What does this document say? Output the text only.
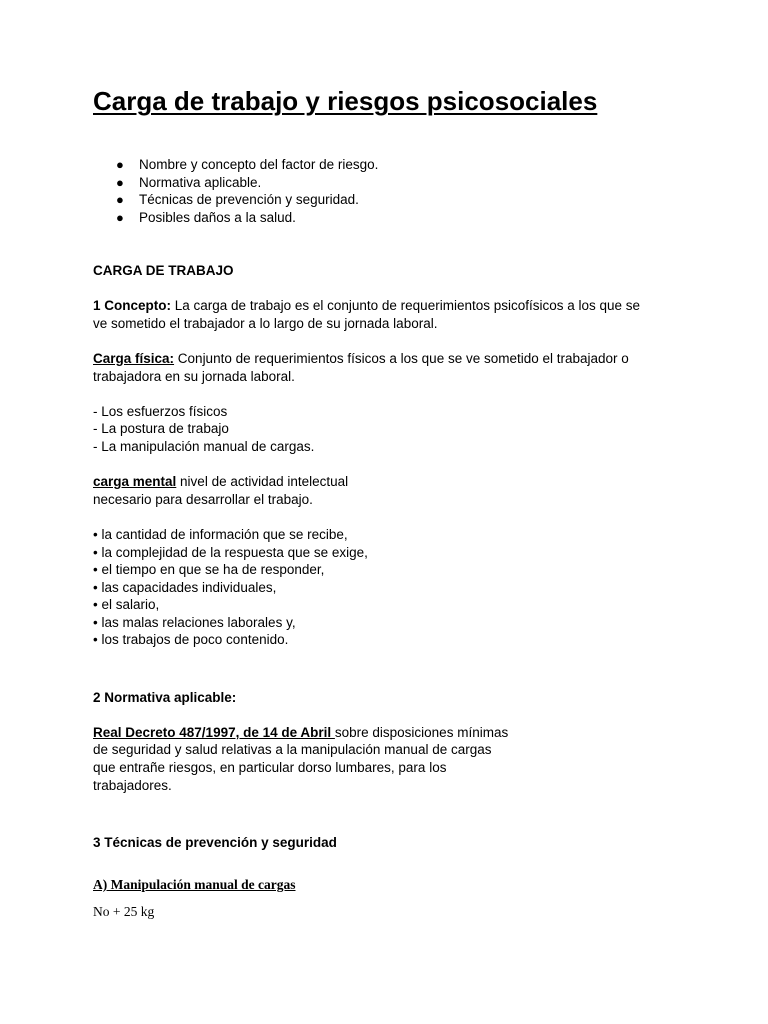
Carga de trabajo y riesgos psicosociales
● Nombre y concepto del factor de riesgo.
● Normativa aplicable.
● Técnicas de prevención y seguridad.
● Posibles daños a la salud.

CARGA DE TRABAJO

1 Concepto: La carga de trabajo es el conjunto de requerimientos psicofísicos a los que se

ve sometido el trabajador a lo largo de su jornada laboral.

Carga física: Conjunto de requerimientos físicos a los que se ve sometido el trabajador o

trabajadora en su jornada laboral.

- Los esfuerzos físicos

- La postura de trabajo

- La manipulación manual de cargas.

carga mental nivel de actividad intelectual

necesario para desarrollar el trabajo.

• la cantidad de información que se recibe,

• la complejidad de la respuesta que se exige,

• el tiempo en que se ha de responder,

• las capacidades individuales,

• el salario,

• las malas relaciones laborales y,

• los trabajos de poco contenido.

2 Normativa aplicable:

Real Decreto 487/1997, de 14 de Abril sobre disposiciones mínimas

de seguridad y salud relativas a la manipulación manual de cargas

que entrañe riesgos, en particular dorso lumbares, para los

trabajadores.

3 Técnicas de prevención y seguridad

A) Manipulación manual de cargas

No + 25 kg
